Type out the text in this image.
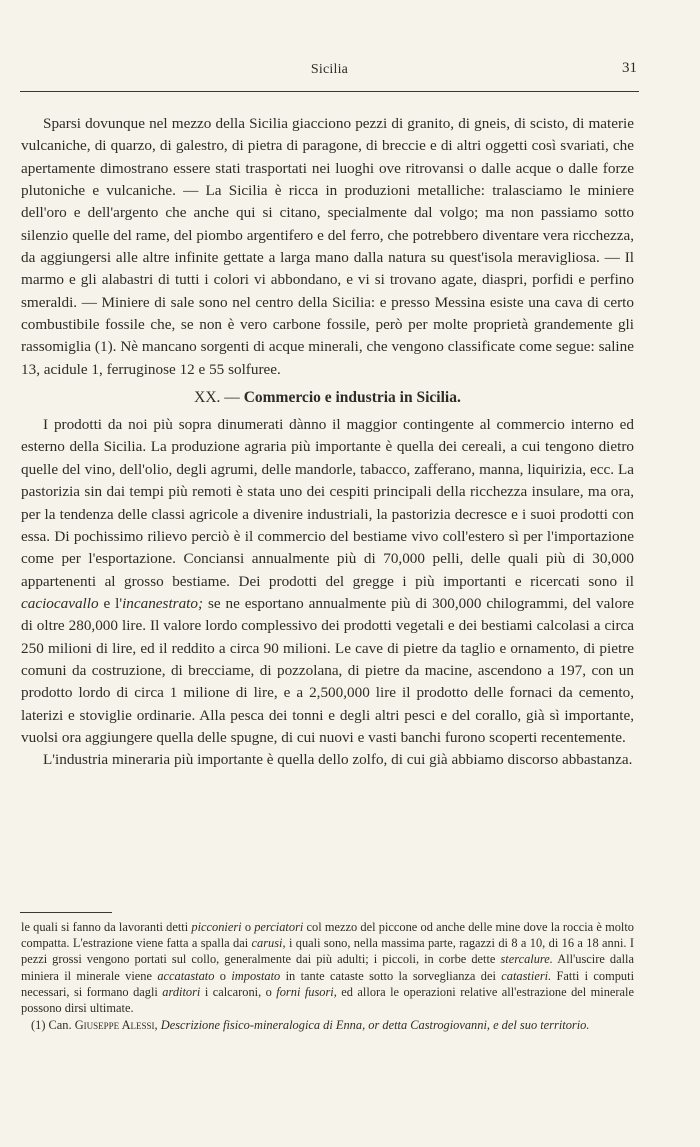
Sicilia	31

Sparsi dovunque nel mezzo della Sicilia giacciono pezzi di granito, di gneis, di scisto, di materie vulcaniche, di quarzo, di galestro, di pietra di paragone, di breccie e di altri oggetti così svariati, che apertamente dimostrano essere stati trasportati nei luoghi ove ritrovansi o dalle acque o dalle forze plutoniche e vulcaniche. — La Sicilia è ricca in produzioni metalliche: tralasciamo le miniere dell'oro e dell'argento che anche qui si citano, specialmente dal volgo; ma non passiamo sotto silenzio quelle del rame, del piombo argentifero e del ferro, che potrebbero diventare vera ricchezza, da aggiungersi alle altre infinite gettate a larga mano dalla natura su quest'isola meravigliosa. — Il marmo e gli alabastri di tutti i colori vi abbondano, e vi si trovano agate, diaspri, porfidi e perfino smeraldi. — Miniere di sale sono nel centro della Sicilia: e presso Messina esiste una cava di certo combustibile fossile che, se non è vero carbone fossile, però per molte proprietà grandemente gli rassomiglia (1). Nè mancano sorgenti di acque minerali, che vengono classificate come segue: saline 13, acidule 1, ferruginose 12 e 55 solfuree.

XX. — Commercio e industria in Sicilia.

I prodotti da noi più sopra dinumerati dànno il maggior contingente al commercio interno ed esterno della Sicilia. La produzione agraria più importante è quella dei cereali, a cui tengono dietro quelle del vino, dell'olio, degli agrumi, delle mandorle, tabacco, zafferano, manna, liquirizia, ecc. La pastorizia sin dai tempi più remoti è stata uno dei cespiti principali della ricchezza insulare, ma ora, per la tendenza delle classi agricole a divenire industriali, la pastorizia decresce e i suoi prodotti con essa. Di pochissimo rilievo perciò è il commercio del bestiame vivo coll'estero sì per l'importazione come per l'esportazione. Conciansi annualmente più di 70,000 pelli, delle quali più di 30,000 appartenenti al grosso bestiame. Dei prodotti del gregge i più importanti e ricercati sono il caciocavallo e l'incanestrato; se ne esportano annualmente più di 300,000 chilogrammi, del valore di oltre 280,000 lire. Il valore lordo complessivo dei prodotti vegetali e dei bestiami calcolasi a circa 250 milioni di lire, ed il reddito a circa 90 milioni. Le cave di pietre da taglio e ornamento, di pietre comuni da costruzione, di brecciame, di pozzolana, di pietre da macine, ascendono a 197, con un prodotto lordo di circa 1 milione di lire, e a 2,500,000 lire il prodotto delle fornaci da cemento, laterizi e stoviglie ordinarie. Alla pesca dei tonni e degli altri pesci e del corallo, già sì importante, vuolsi ora aggiungere quella delle spugne, di cui nuovi e vasti banchi furono scoperti recentemente.

L'industria mineraria più importante è quella dello zolfo, di cui già abbiamo discorso abbastanza.

le quali si fanno da lavoranti detti picconieri o perciatori col mezzo del piccone od anche delle mine dove la roccia è molto compatta. L'estrazione viene fatta a spalla dai carusi, i quali sono, nella massima parte, ragazzi di 8 a 10, di 16 a 18 anni. I pezzi grossi vengono portati sul collo, generalmente dai più adulti; i piccoli, in corbe dette stercalure. All'uscire dalla miniera il minerale viene accatastato o impostato in tante cataste sotto la sorveglianza dei catastieri. Fatti i computi necessari, si formano dagli arditori i calcaroni, o forni fusori, ed allora le operazioni relative all'estrazione del minerale possono dirsi ultimate.

(1) Can. Giuseppe Alessi, Descrizione fisico-mineralogica di Enna, or detta Castrogiovanni, e del suo territorio.
